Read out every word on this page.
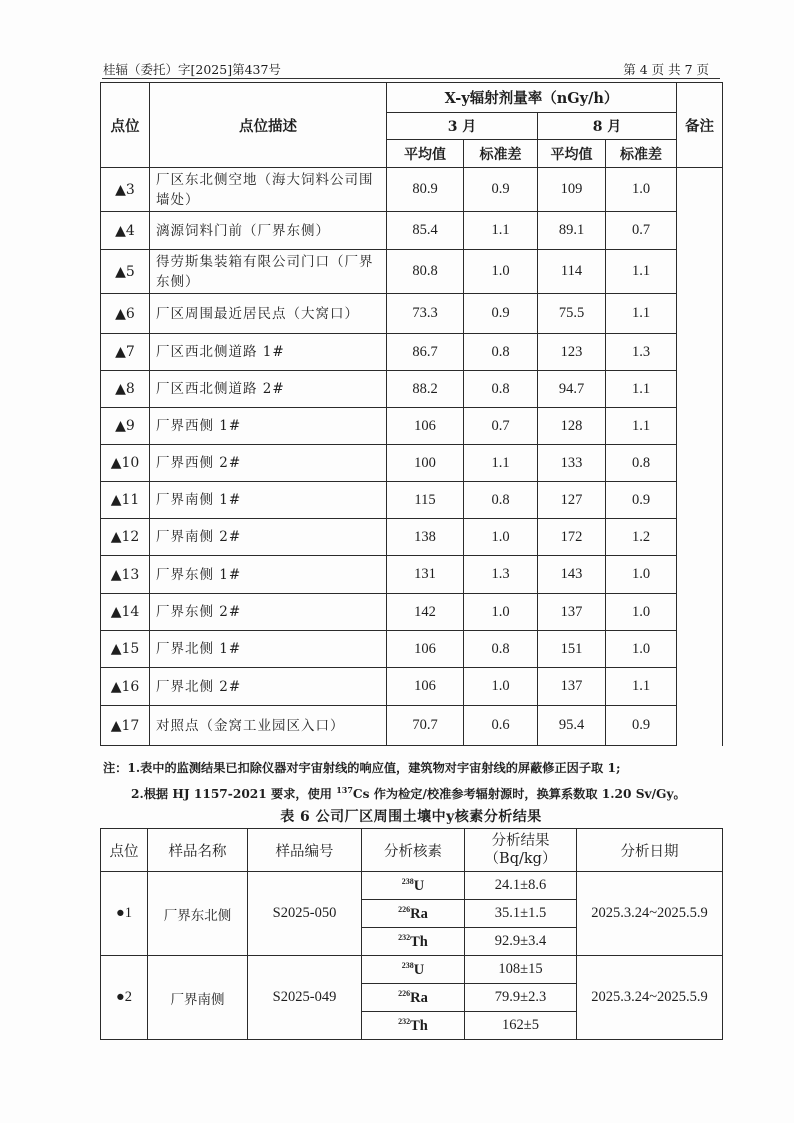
桂辐（委托）字[2025]第437号	第 4 页 共 7 页
点位	点位描述	X-y辐射剂量率（nGy/h）				备注
		3 月		8 月		
		平均值	标准差	平均值	标准差	
▲3	厂区东北侧空地（海大饲料公司围墙处）	80.9	0.9	109	1.0	
▲4	漓源饲料门前（厂界东侧）	85.4	1.1	89.1	0.7	
▲5	得劳斯集装箱有限公司门口（厂界东侧）	80.8	1.0	114	1.1	
▲6	厂区周围最近居民点（大窝口）	73.3	0.9	75.5	1.1	
▲7	厂区西北侧道路 1#	86.7	0.8	123	1.3	
▲8	厂区西北侧道路 2#	88.2	0.8	94.7	1.1	
▲9	厂界西侧 1#	106	0.7	128	1.1	
▲10	厂界西侧 2#	100	1.1	133	0.8	
▲11	厂界南侧 1#	115	0.8	127	0.9	
▲12	厂界南侧 2#	138	1.0	172	1.2	
▲13	厂界东侧 1#	131	1.3	143	1.0	
▲14	厂界东侧 2#	142	1.0	137	1.0	
▲15	厂界北侧 1#	106	0.8	151	1.0	
▲16	厂界北侧 2#	106	1.0	137	1.1	
▲17	对照点（金窝工业园区入口）	70.7	0.6	95.4	0.9	
注：1.表中的监测结果已扣除仪器对宇宙射线的响应值，建筑物对宇宙射线的屏蔽修正因子取 1;
2.根据 HJ 1157-2021 要求，使用 $^{137}$Cs 作为检定/校准参考辐射源时，换算系数取 1.20 Sv/Gy。
表 6 公司厂区周围土壤中y核素分析结果
点位	样品名称	样品编号	分析核素	分析结果（Bq/kg）	分析日期
●1	厂界东北侧	S2025-050	$^{238}$U	24.1±8.6	2025.3.24~2025.5.9
			$^{226}$Ra	35.1±1.5	
			$^{232}$Th	92.9±3.4	
●2	厂界南侧	S2025-049	$^{238}$U	108±15	2025.3.24~2025.5.9
			$^{226}$Ra	79.9±2.3	
			$^{232}$Th	162±5	
